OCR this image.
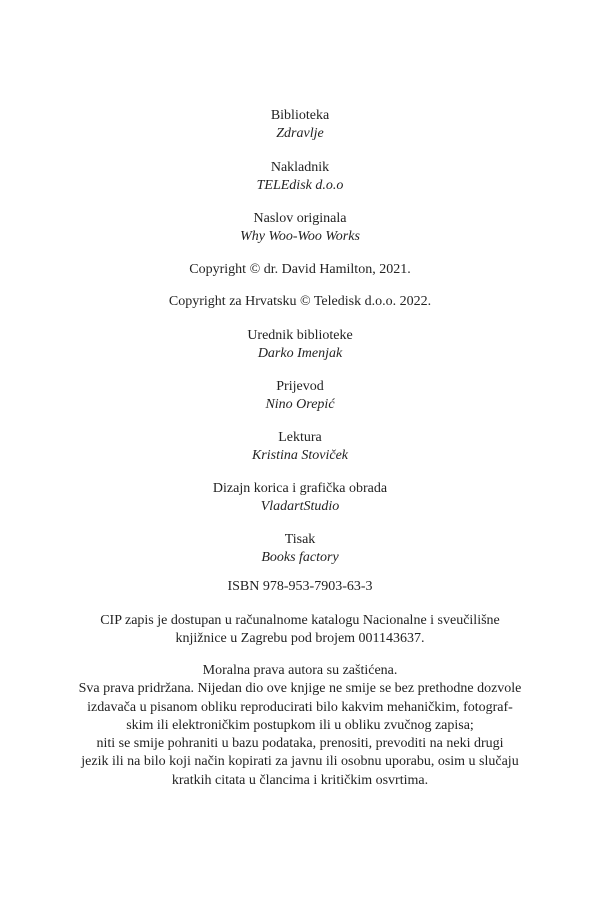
Biblioteka
Zdravlje
Nakladnik
TELEdisk d.o.o
Naslov originala
Why Woo-Woo Works
Copyright © dr. David Hamilton, 2021.
Copyright za Hrvatsku © Teledisk d.o.o. 2022.
Urednik biblioteke
Darko Imenjak
Prijevod
Nino Orepić
Lektura
Kristina Stoviček
Dizajn korica i grafička obrada
VladartStudio
Tisak
Books factory
ISBN 978-953-7903-63-3
CIP zapis je dostupan u računalnome katalogu Nacionalne i sveučilišne
knjižnice u Zagrebu pod brojem 001143637.
Moralna prava autora su zaštićena.
Sva prava pridržana. Nijedan dio ove knjige ne smije se bez prethodne dozvole
izdavača u pisanom obliku reproducirati bilo kakvim mehaničkim, fotograf-
skim ili elektroničkim postupkom ili u obliku zvučnog zapisa;
niti se smije pohraniti u bazu podataka, prenositi, prevoditi na neki drugi
jezik ili na bilo koji način kopirati za javnu ili osobnu uporabu, osim u slučaju
kratkih citata u člancima i kritičkim osvrtima.
